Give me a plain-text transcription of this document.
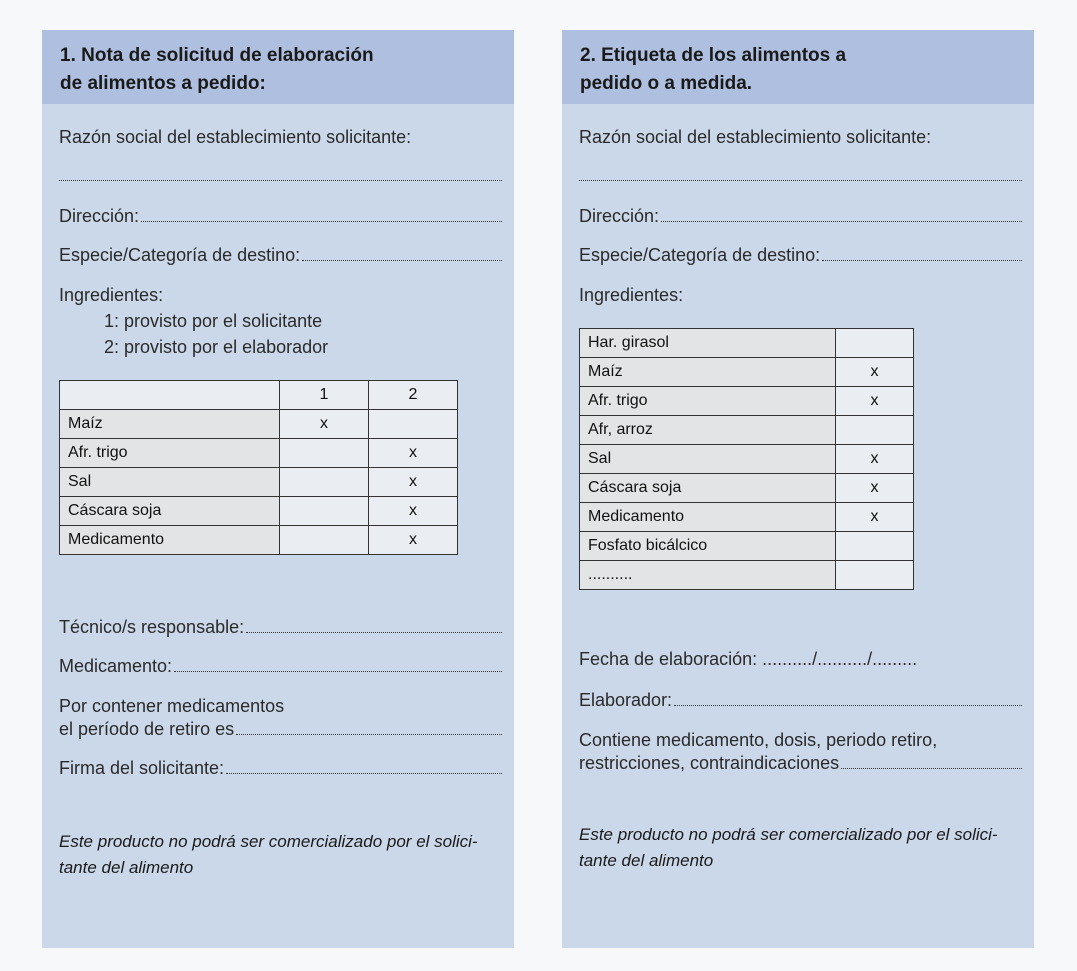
1. Nota de solicitud de elaboración
de alimentos a pedido:
Razón social del establecimiento solicitante:
Dirección:
Especie/Categoría de destino:
Ingredientes:
1: provisto por el solicitante
2: provisto por el elaborador
	1	2
Maíz	x	
Afr. trigo		x
Sal		x
Cáscara soja		x
Medicamento		x
Técnico/s responsable:
Medicamento:
Por contener medicamentos
el período de retiro es
Firma del solicitante:
Este producto no podrá ser comercializado por el solici-tante del alimento
2. Etiqueta de los alimentos a
pedido o a medida.
Razón social del establecimiento solicitante:
Dirección:
Especie/Categoría de destino:
Ingredientes:
Har. girasol	
Maíz	x
Afr. trigo	x
Afr, arroz	
Sal	x
Cáscara soja	x
Medicamento	x
Fosfato bicálcico	
..........	
Fecha de elaboración: ........../........../.........
Elaborador:
Contiene medicamento, dosis, periodo retiro,
restricciones, contraindicaciones
Este producto no podrá ser comercializado por el solici-tante del alimento
